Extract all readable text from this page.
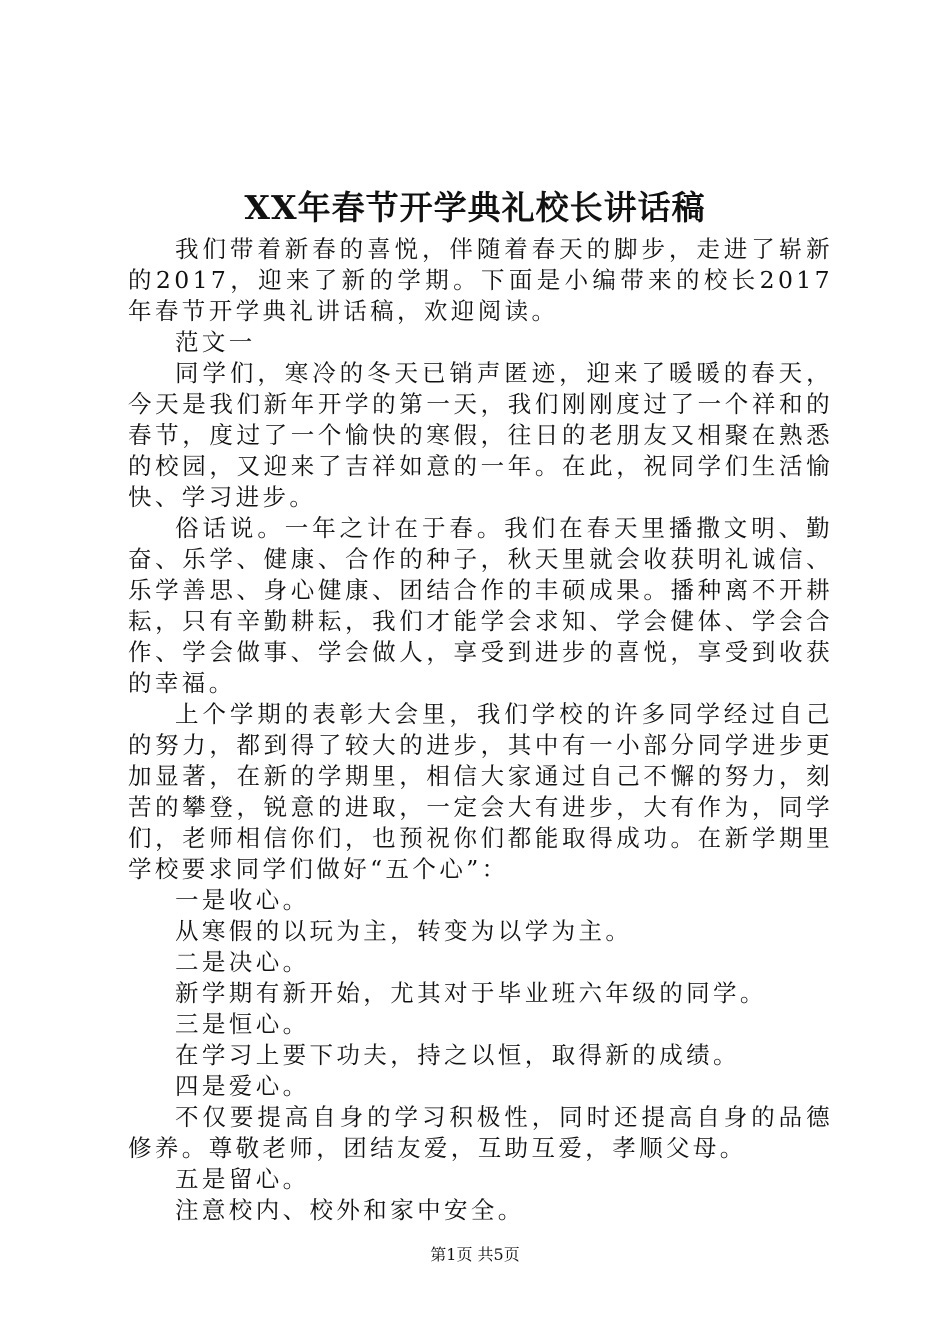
XX年春节开学典礼校长讲话稿

我们带着新春的喜悦，伴随着春天的脚步，走进了崭新的2017，迎来了新的学期。下面是小编带来的校长2017年春节开学典礼讲话稿，欢迎阅读。

范文一

同学们，寒冷的冬天已销声匿迹，迎来了暖暖的春天，今天是我们新年开学的第一天，我们刚刚度过了一个祥和的春节，度过了一个愉快的寒假，往日的老朋友又相聚在熟悉的校园，又迎来了吉祥如意的一年。在此，祝同学们生活愉快、学习进步。

俗话说。一年之计在于春。我们在春天里播撒文明、勤奋、乐学、健康、合作的种子，秋天里就会收获明礼诚信、乐学善思、身心健康、团结合作的丰硕成果。播种离不开耕耘，只有辛勤耕耘，我们才能学会求知、学会健体、学会合作、学会做事、学会做人，享受到进步的喜悦，享受到收获的幸福。

上个学期的表彰大会里，我们学校的许多同学经过自己的努力，都到得了较大的进步，其中有一小部分同学进步更加显著，在新的学期里，相信大家通过自己不懈的努力，刻苦的攀登，锐意的进取，一定会大有进步，大有作为，同学们，老师相信你们，也预祝你们都能取得成功。在新学期里学校要求同学们做好“五个心”：

一是收心。

从寒假的以玩为主，转变为以学为主。

二是决心。

新学期有新开始，尤其对于毕业班六年级的同学。

三是恒心。

在学习上要下功夫，持之以恒，取得新的成绩。

四是爱心。

不仅要提高自身的学习积极性，同时还提高自身的品德修养。尊敬老师，团结友爱，互助互爱，孝顺父母。

五是留心。

注意校内、校外和家中安全。

第1页 共5页
